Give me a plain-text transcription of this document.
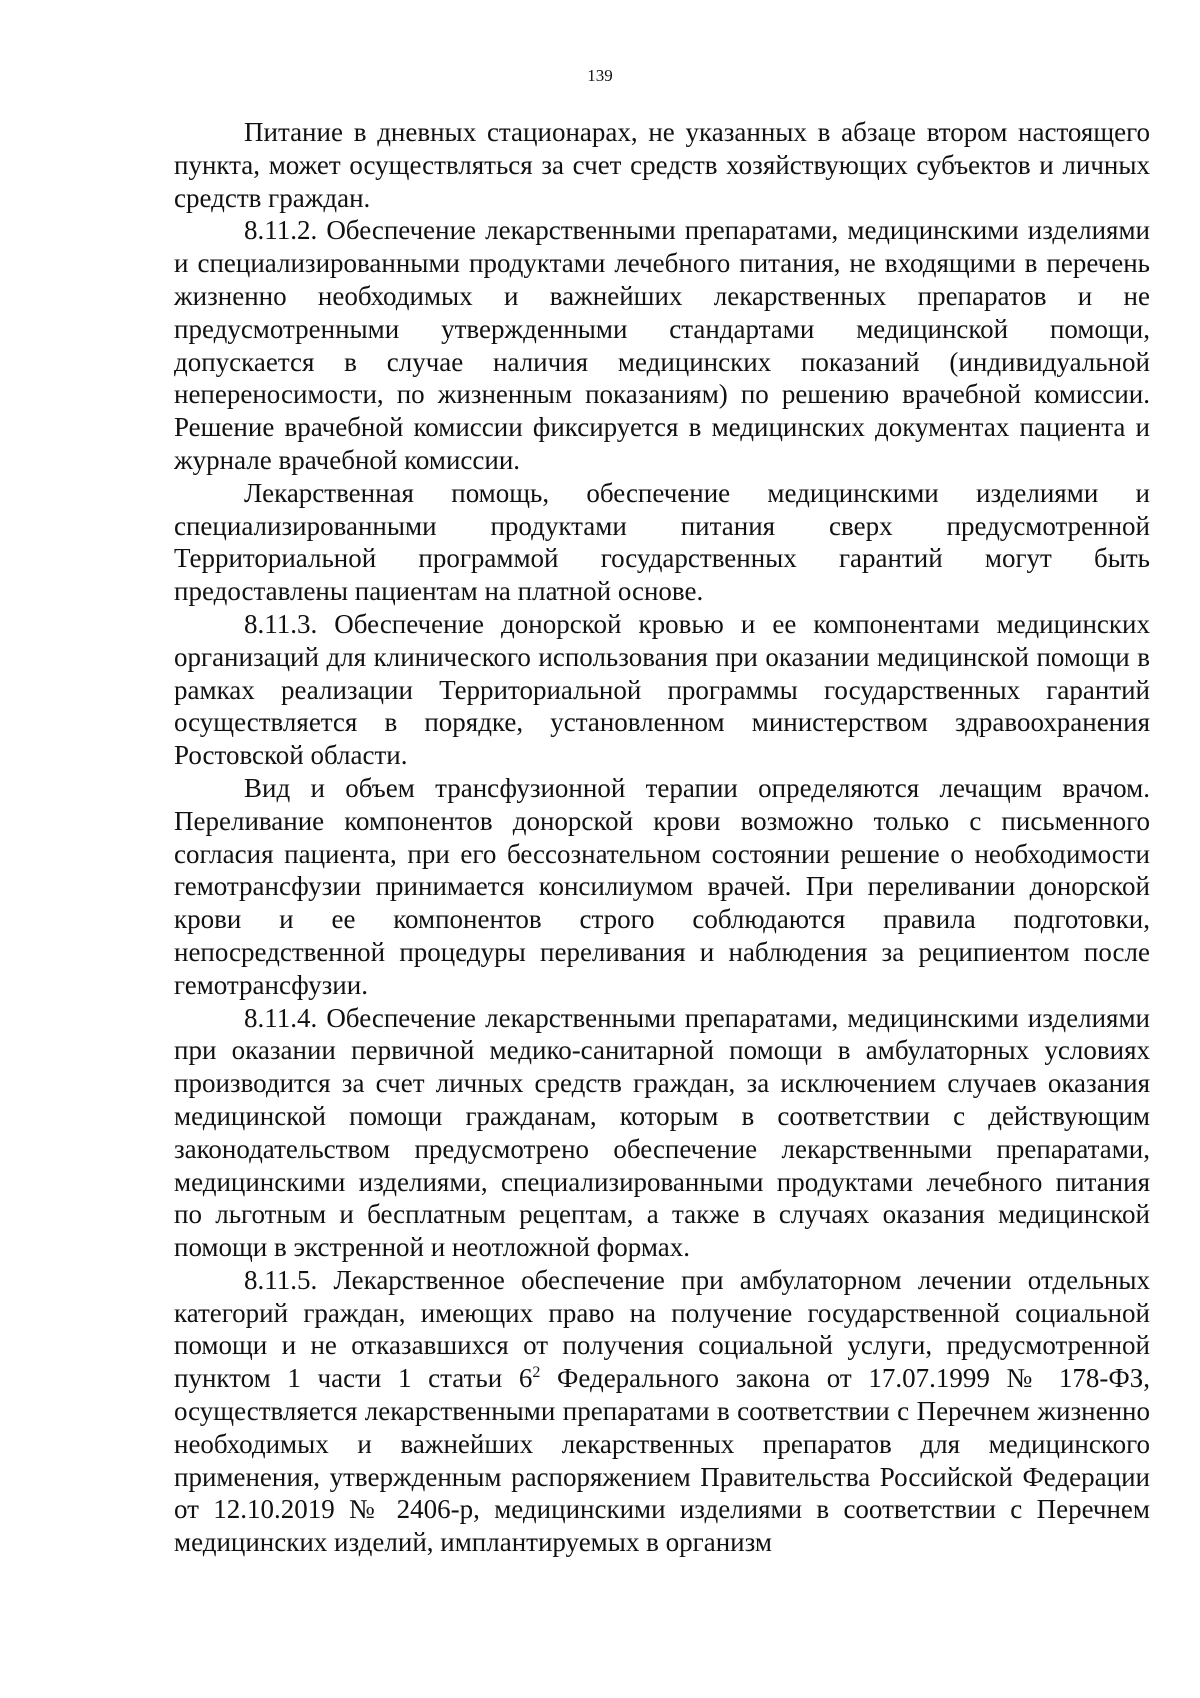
139

Питание в дневных стационарах, не указанных в абзаце втором настоящего пункта, может осуществляться за счет средств хозяйствующих субъектов и личных средств граждан.

8.11.2. Обеспечение лекарственными препаратами, медицинскими изделиями и специализированными продуктами лечебного питания, не входящими в перечень жизненно необходимых и важнейших лекарственных препаратов и не предусмотренными утвержденными стандартами медицинской помощи, допускается в случае наличия медицинских показаний (индивидуальной непереносимости, по жизненным показаниям) по решению врачебной комиссии. Решение врачебной комиссии фиксируется в медицинских документах пациента и журнале врачебной комиссии.

Лекарственная помощь, обеспечение медицинскими изделиями и специализированными продуктами питания сверх предусмотренной Территориальной программой государственных гарантий могут быть предоставлены пациентам на платной основе.

8.11.3. Обеспечение донорской кровью и ее компонентами медицинских организаций для клинического использования при оказании медицинской помощи в рамках реализации Территориальной программы государственных гарантий осуществляется в порядке, установленном министерством здравоохранения Ростовской области.

Вид и объем трансфузионной терапии определяются лечащим врачом. Переливание компонентов донорской крови возможно только с письменного согласия пациента, при его бессознательном состоянии решение о необходимости гемотрансфузии принимается консилиумом врачей. При переливании донорской крови и ее компонентов строго соблюдаются правила подготовки, непосредственной процедуры переливания и наблюдения за реципиентом после гемотрансфузии.

8.11.4. Обеспечение лекарственными препаратами, медицинскими изделиями при оказании первичной медико-санитарной помощи в амбулаторных условиях производится за счет личных средств граждан, за исключением случаев оказания медицинской помощи гражданам, которым в соответствии с действующим законодательством предусмотрено обеспечение лекарственными препаратами, медицинскими изделиями, специализированными продуктами лечебного питания по льготным и бесплатным рецептам, а также в случаях оказания медицинской помощи в экстренной и неотложной формах.

8.11.5. Лекарственное обеспечение при амбулаторном лечении отдельных категорий граждан, имеющих право на получение государственной социальной помощи и не отказавшихся от получения социальной услуги, предусмотренной пунктом 1 части 1 статьи $6^2$ Федерального закона от 17.07.1999 № 178-ФЗ, осуществляется лекарственными препаратами в соответствии с Перечнем жизненно необходимых и важнейших лекарственных препаратов для медицинского применения, утвержденным распоряжением Правительства Российской Федерации от 12.10.2019 № 2406-р, медицинскими изделиями в соответствии с Перечнем медицинских изделий, имплантируемых в организм
